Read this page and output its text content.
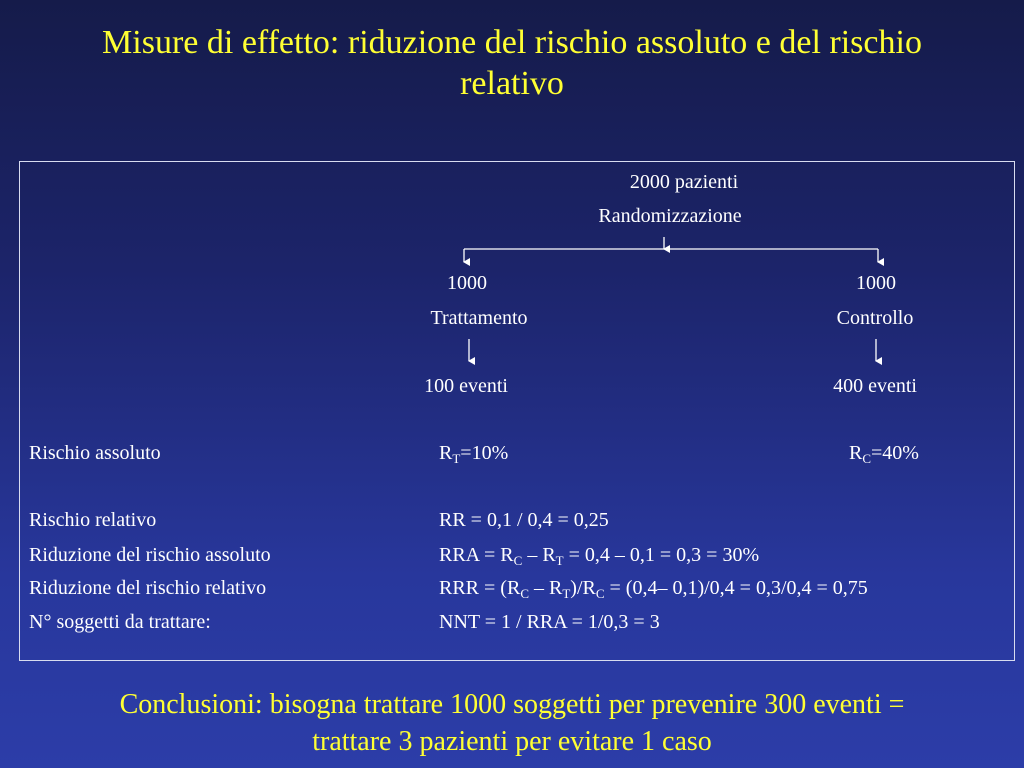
Misure di effetto: riduzione del rischio assoluto e del rischio
relativo
2000 pazienti
Randomizzazione
1000	1000
Trattamento	Controllo
100 eventi	400 eventi
Rischio assoluto	$R_T=10\%$	$R_C=40\%$
Rischio relativo	RR = 0,1 / 0,4 = 0,25
Riduzione del rischio assoluto	RRA = $R_C - R_T = 0,4 - 0,1 = 0,3 = 30\%$
Riduzione del rischio relativo	RRR = $(R_C - R_T)/R_C = (0,4-$ 0,1)/0,4 = 0,3/0,4 = 0,75
N° soggetti da trattare:	NNT = 1 / RRA = 1/0,3 = 3
Conclusioni: bisogna trattare 1000 soggetti per prevenire 300 eventi =
trattare 3 pazienti per evitare 1 caso
